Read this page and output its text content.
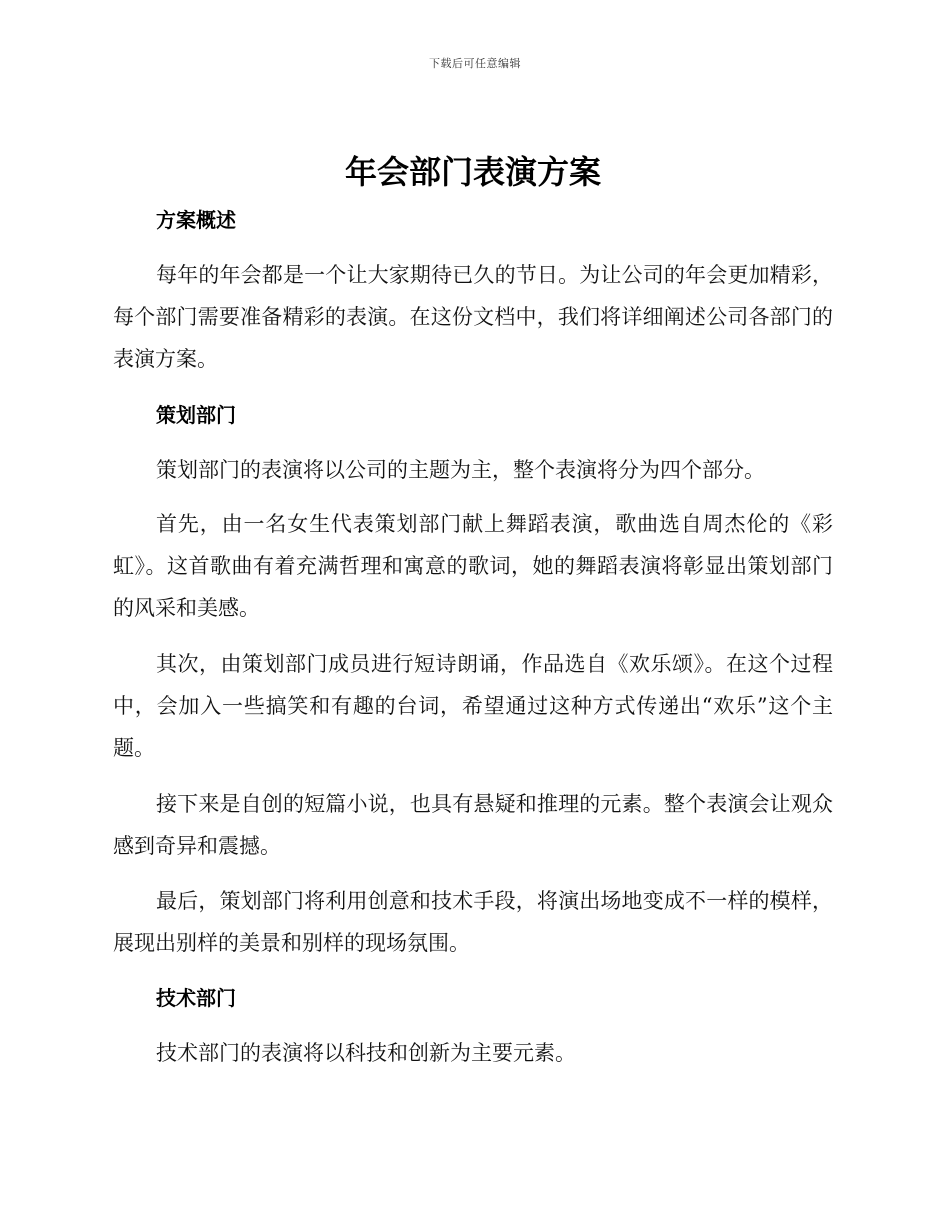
下载后可任意编辑
年会部门表演方案
方案概述

每年的年会都是一个让大家期待已久的节日。为让公司的年会更加精彩，每个部门需要准备精彩的表演。在这份文档中，我们将详细阐述公司各部门的表演方案。

策划部门

策划部门的表演将以公司的主题为主，整个表演将分为四个部分。

首先，由一名女生代表策划部门献上舞蹈表演，歌曲选自周杰伦的《彩虹》。这首歌曲有着充满哲理和寓意的歌词，她的舞蹈表演将彰显出策划部门的风采和美感。

其次，由策划部门成员进行短诗朗诵，作品选自《欢乐颂》。在这个过程中，会加入一些搞笑和有趣的台词，希望通过这种方式传递出“欢乐”这个主题。

接下来是自创的短篇小说，也具有悬疑和推理的元素。整个表演会让观众感到奇异和震撼。

最后，策划部门将利用创意和技术手段，将演出场地变成不一样的模样，展现出别样的美景和别样的现场氛围。

技术部门

技术部门的表演将以科技和创新为主要元素。
